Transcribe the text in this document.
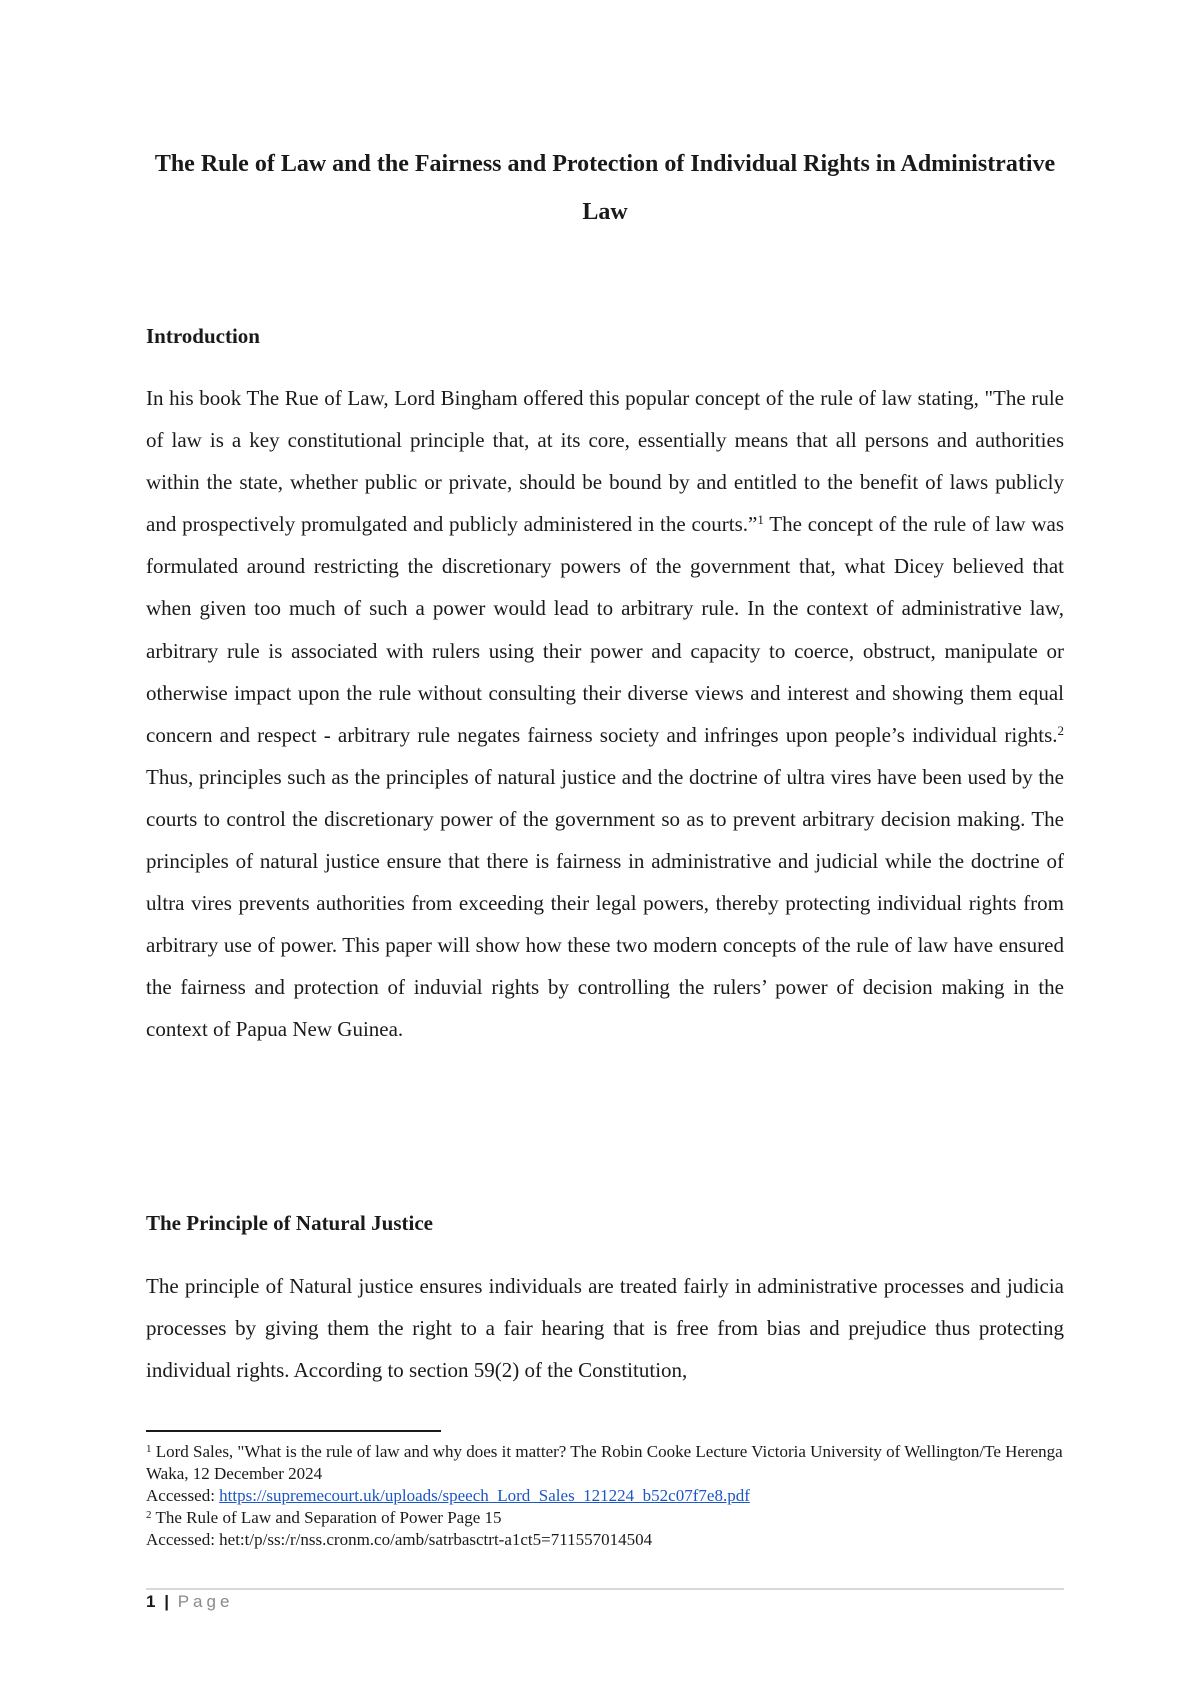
The Rule of Law and the Fairness and Protection of Individual Rights in Administrative Law
Introduction

In his book The Rue of Law, Lord Bingham offered this popular concept of the rule of law stating, "The rule of law is a key constitutional principle that, at its core, essentially means that all persons and authorities within the state, whether public or private, should be bound by and entitled to the benefit of laws publicly and prospectively promulgated and publicly administered in the courts.”$^1$ The concept of the rule of law was formulated around restricting the discretionary powers of the government that, what Dicey believed that when given too much of such a power would lead to arbitrary rule. In the context of administrative law, arbitrary rule is associated with rulers using their power and capacity to coerce, obstruct, manipulate or otherwise impact upon the rule without consulting their diverse views and interest and showing them equal concern and respect - arbitrary rule negates fairness society and infringes upon people’s individual rights.$^2$ Thus, principles such as the principles of natural justice and the doctrine of ultra vires have been used by the courts to control the discretionary power of the government so as to prevent arbitrary decision making. The principles of natural justice ensure that there is fairness in administrative and judicial while the doctrine of ultra vires prevents authorities from exceeding their legal powers, thereby protecting individual rights from arbitrary use of power. This paper will show how these two modern concepts of the rule of law have ensured the fairness and protection of induvial rights by controlling the rulers’ power of decision making in the context of Papua New Guinea.

The Principle of Natural Justice

The principle of Natural justice ensures individuals are treated fairly in administrative processes and judicia processes by giving them the right to a fair hearing that is free from bias and prejudice thus protecting individual rights. According to section 59(2) of the Constitution,

$^1$ Lord Sales, "What is the rule of law and why does it matter? The Robin Cooke Lecture Victoria University of Wellington/Te Herenga Waka, 12 December 2024

Accessed: https://supremecourt.uk/uploads/speech_Lord_Sales_121224_b52c07f7e8.pdf

$^2$ The Rule of Law and Separation of Power Page 15

Accessed: het:t/p/ss:/r/nss.cronm.co/amb/satrbasctrt-a1ct5=711557014504

1 | Page
